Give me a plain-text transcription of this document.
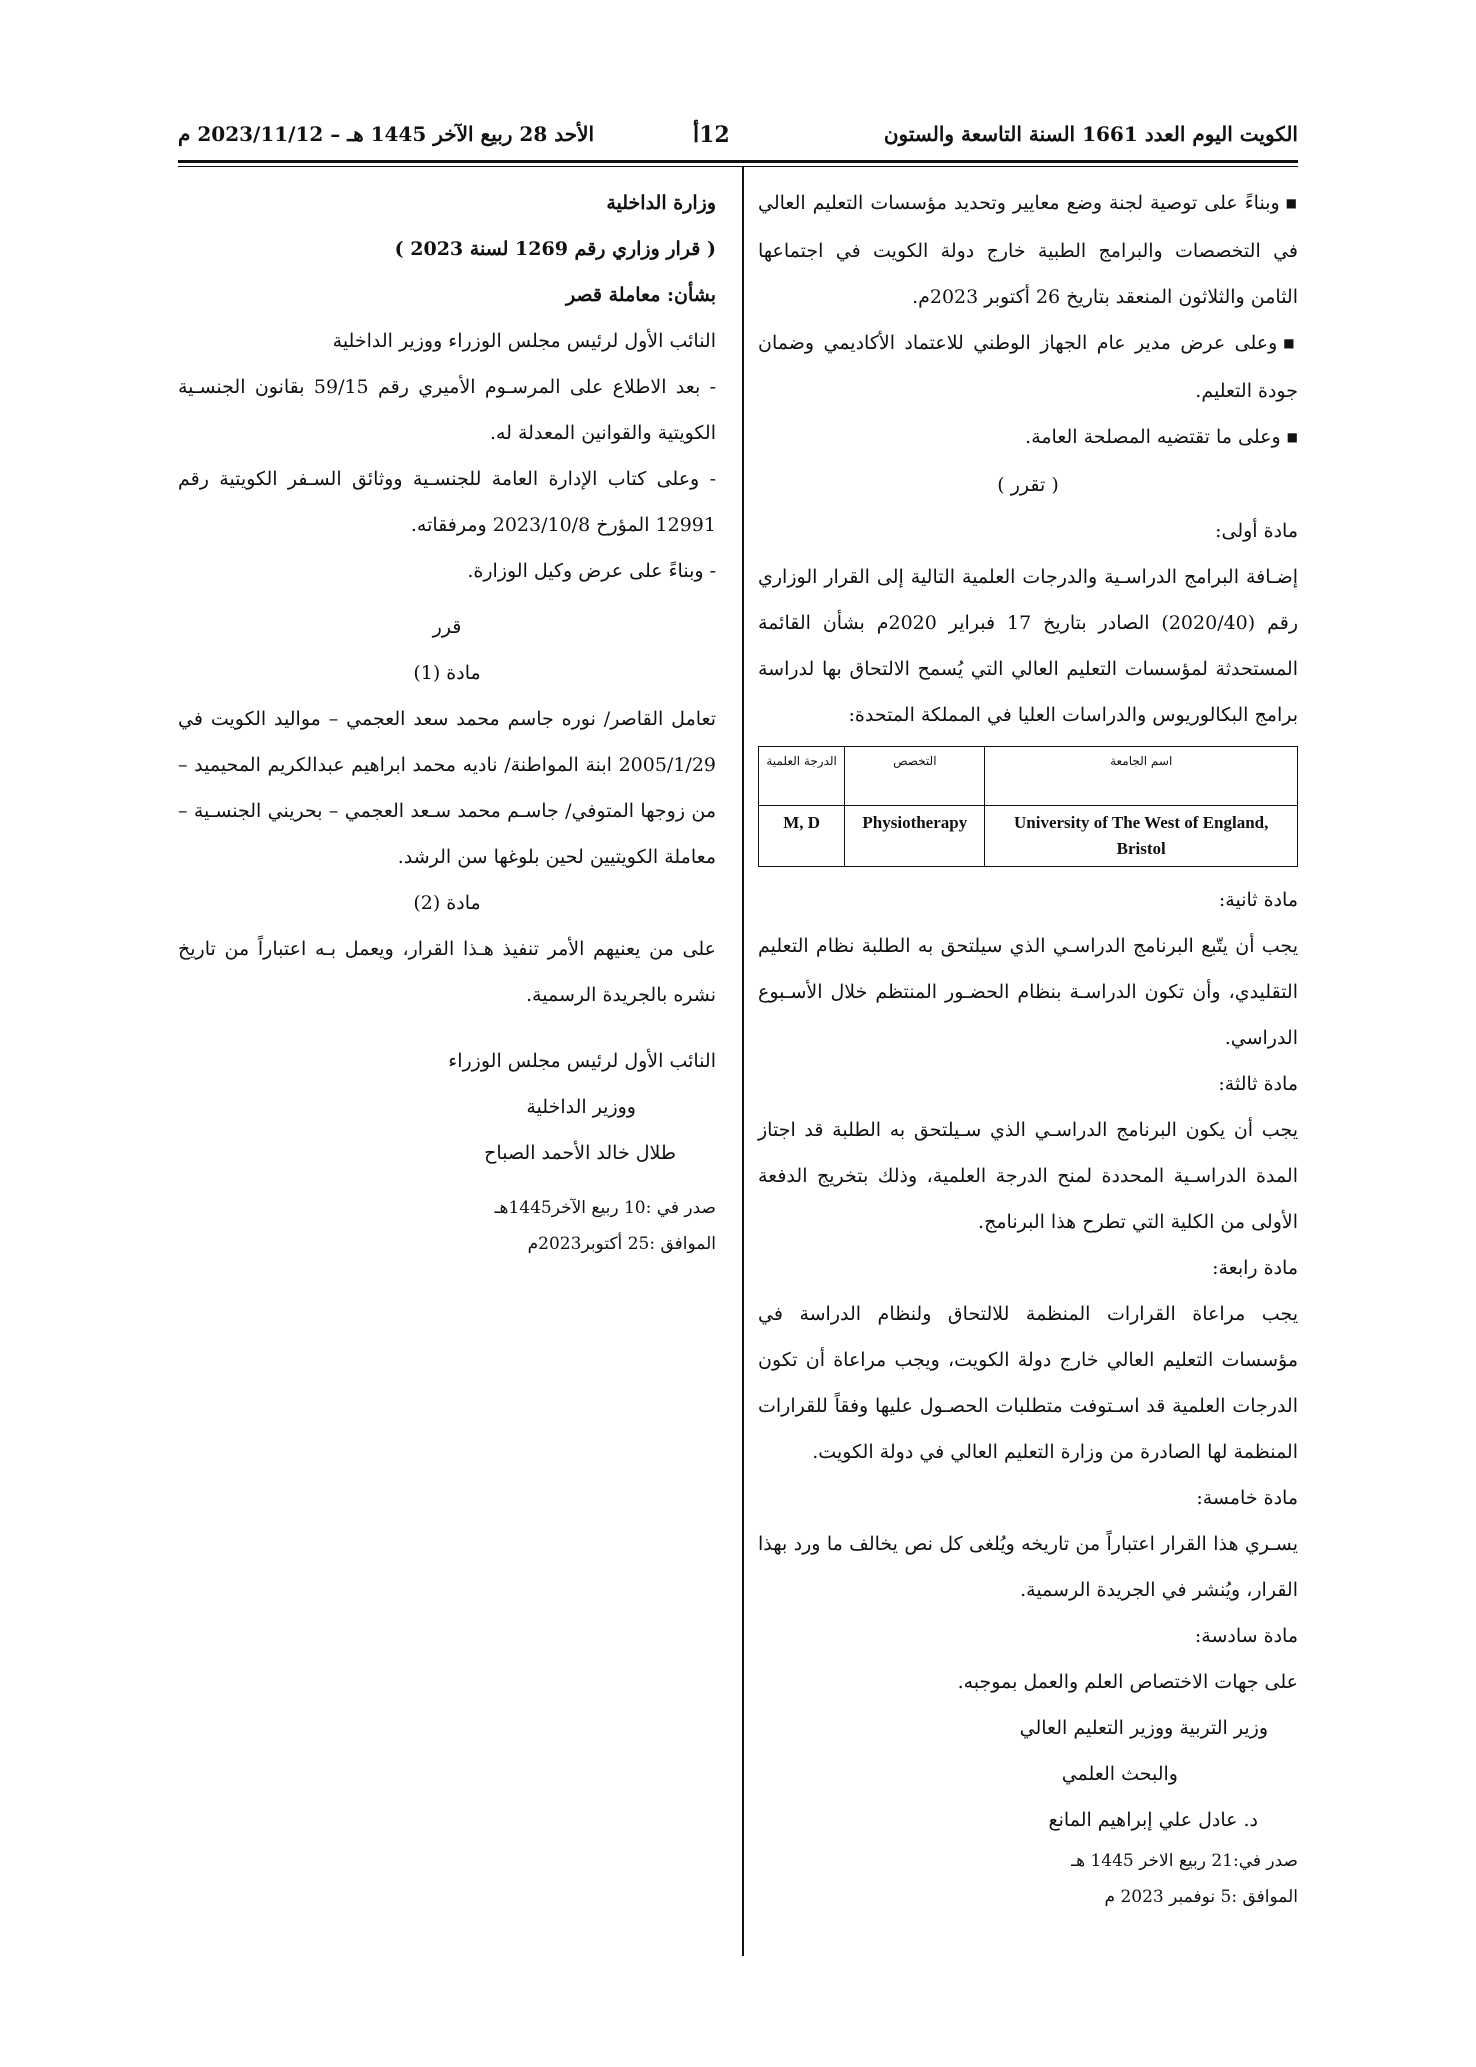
الكويت اليوم العدد 1661 السنة التاسعة والستون
12أ
الأحد 28 ربيع الآخر 1445 هـ – 2023/11/12 م

■ وبناءً على توصية لجنة وضع معايير وتحديد مؤسسات التعليم العالي في التخصصات والبرامج الطبية خارج دولة الكويت في اجتماعها الثامن والثلاثون المنعقد بتاريخ 26 أكتوبر 2023م.

■ وعلى عرض مدير عام الجهاز الوطني للاعتماد الأكاديمي وضمان جودة التعليم.

■ وعلى ما تقتضيه المصلحة العامة.

( تقرر )

مادة أولى:

إضـافة البرامج الدراسـية والدرجات العلمية التالية إلى القرار الوزاري رقم (2020/40) الصادر بتاريخ 17 فبراير 2020م بشأن القائمة المستحدثة لمؤسسات التعليم العالي التي يُسمح الالتحاق بها لدراسة برامج البكالوريوس والدراسات العليا في المملكة المتحدة:

اسم الجامعة	التخصص	الدرجة العلمية
University of The West of England, Bristol	Physiotherapy	M, D

مادة ثانية:

يجب أن يتّبع البرنامج الدراسـي الذي سيلتحق به الطلبة نظام التعليم التقليدي، وأن تكون الدراسـة بنظام الحضـور المنتظم خلال الأسـبوع الدراسي.

مادة ثالثة:

يجب أن يكون البرنامج الدراسـي الذي سـيلتحق به الطلبة قد اجتاز المدة الدراسـية المحددة لمنح الدرجة العلمية، وذلك بتخريج الدفعة الأولى من الكلية التي تطرح هذا البرنامج.

مادة رابعة:

يجب مراعاة القرارات المنظمة للالتحاق ولنظام الدراسة في مؤسسات التعليم العالي خارج دولة الكويت، ويجب مراعاة أن تكون الدرجات العلمية قد اسـتوفت متطلبات الحصـول عليها وفقاً للقرارات المنظمة لها الصادرة من وزارة التعليم العالي في دولة الكويت.

مادة خامسة:

يسـري هذا القرار اعتباراً من تاريخه ويُلغى كل نص يخالف ما ورد بهذا القرار، ويُنشر في الجريدة الرسمية.

مادة سادسة:

على جهات الاختصاص العلم والعمل بموجبه.

وزير التربية ووزير التعليم العالي

والبحث العلمي

د. عادل علي إبراهيم المانع

صدر في:21 ربيع الاخر 1445 هـ

الموافق :5 نوفمبر 2023 م

وزارة الداخلية

( قرار وزاري رقم 1269 لسنة 2023 )

بشأن: معاملة قصر

النائب الأول لرئيس مجلس الوزراء ووزير الداخلية

- بعد الاطلاع على المرسـوم الأميري رقم 59/15 بقانون الجنسـية الكويتية والقوانين المعدلة له.

- وعلى كتاب الإدارة العامة للجنسـية ووثائق السـفر الكويتية رقم 12991 المؤرخ 2023/10/8 ومرفقاته.

- وبناءً على عرض وكيل الوزارة.

قرر

مادة (1)

تعامل القاصر/ نوره جاسم محمد سعد العجمي – مواليد الكويت في 2005/1/29 ابنة المواطنة/ ناديه محمد ابراهيم عبدالكريم المحيميد – من زوجها المتوفي/ جاسـم محمد سـعد العجمي – بحريني الجنسـية – معاملة الكويتيين لحين بلوغها سن الرشد.

مادة (2)

على من يعنيهم الأمر تنفيذ هـذا القرار، ويعمل بـه اعتباراً من تاريخ نشره بالجريدة الرسمية.

النائب الأول لرئيس مجلس الوزراء

ووزير الداخلية

طلال خالد الأحمد الصباح

صدر في :10 ربيع الآخر1445هـ

الموافق :25 أكتوبر2023م
